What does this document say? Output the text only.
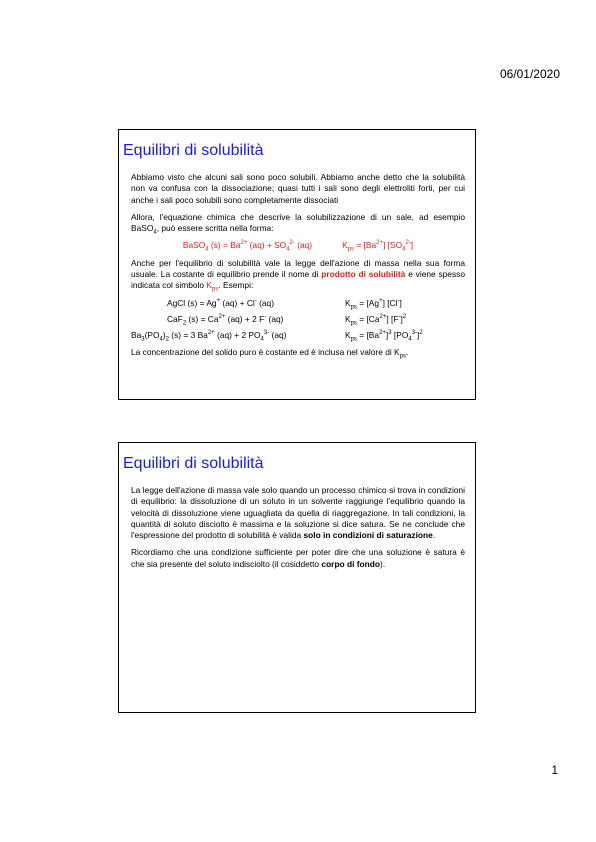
06/01/2020
Equilibri di solubilità

Abbiamo visto che alcuni sali sono poco solubili. Abbiamo anche detto che la solubilità non va confusa con la dissociazione; quasi tutti i sali sono degli elettroliti forti, per cui anche i sali poco solubili sono completamente dissociati

Allora, l'equazione chimica che descrive la solubilizzazione di un sale, ad esempio BaSO$_4$, può essere scritta nella forma:

BaSO$_4$ $(s) = Ba^{2+}$ $(aq) + SO_4^{2-}$ (aq)	$K_{ps} = [Ba^{2+}]$ $[SO_4^{2-}]$

Anche per l'equilibrio di solubilità vale la legge dell'azione di massa nella sua forma usuale. La costante di equilibrio prende il nome di prodotto di solubilità e viene spesso indicata col simbolo $K_{ps}$. Esempi:

AgCl (s) = Ag+ (aq) + Cl- (aq)	$K_{ps} = [Ag^+]$ [Cl-]
CaF$_2$ $(s) = Ca^{2+}$ (aq) + 2 F- (aq)	$K_{ps} = [Ca^{2+}]$ $[F^-]^2$
$Ba_3(PO_4)_2$ (s) = 3 $Ba^{2+}$ (aq) + 2 $PO_4^{3-}$ (aq)	$K_{ps} = [Ba^{2+}]^3$ $[PO_4^{3-}]^2$

La concentrazione del solido puro è costante ed è inclusa nel valore di $K_{ps}$.

Equilibri di solubilità

La legge dell'azione di massa vale solo quando un processo chimico si trova in condizioni di equilibrio: la dissoluzione di un soluto in un solvente raggiunge l'equilibrio quando la velocità di dissoluzione viene uguagliata da quella di riaggregazione. In tali condizioni, la quantità di soluto disciolto è massima e la soluzione si dice satura. Se ne conclude che l'espressione del prodotto di solubilità è valida solo in condizioni di saturazione.

Ricordiamo che una condizione sufficiente per poter dire che una soluzione è satura è che sia presente del soluto indisciolto (il cosiddetto corpo di fondo).

1
